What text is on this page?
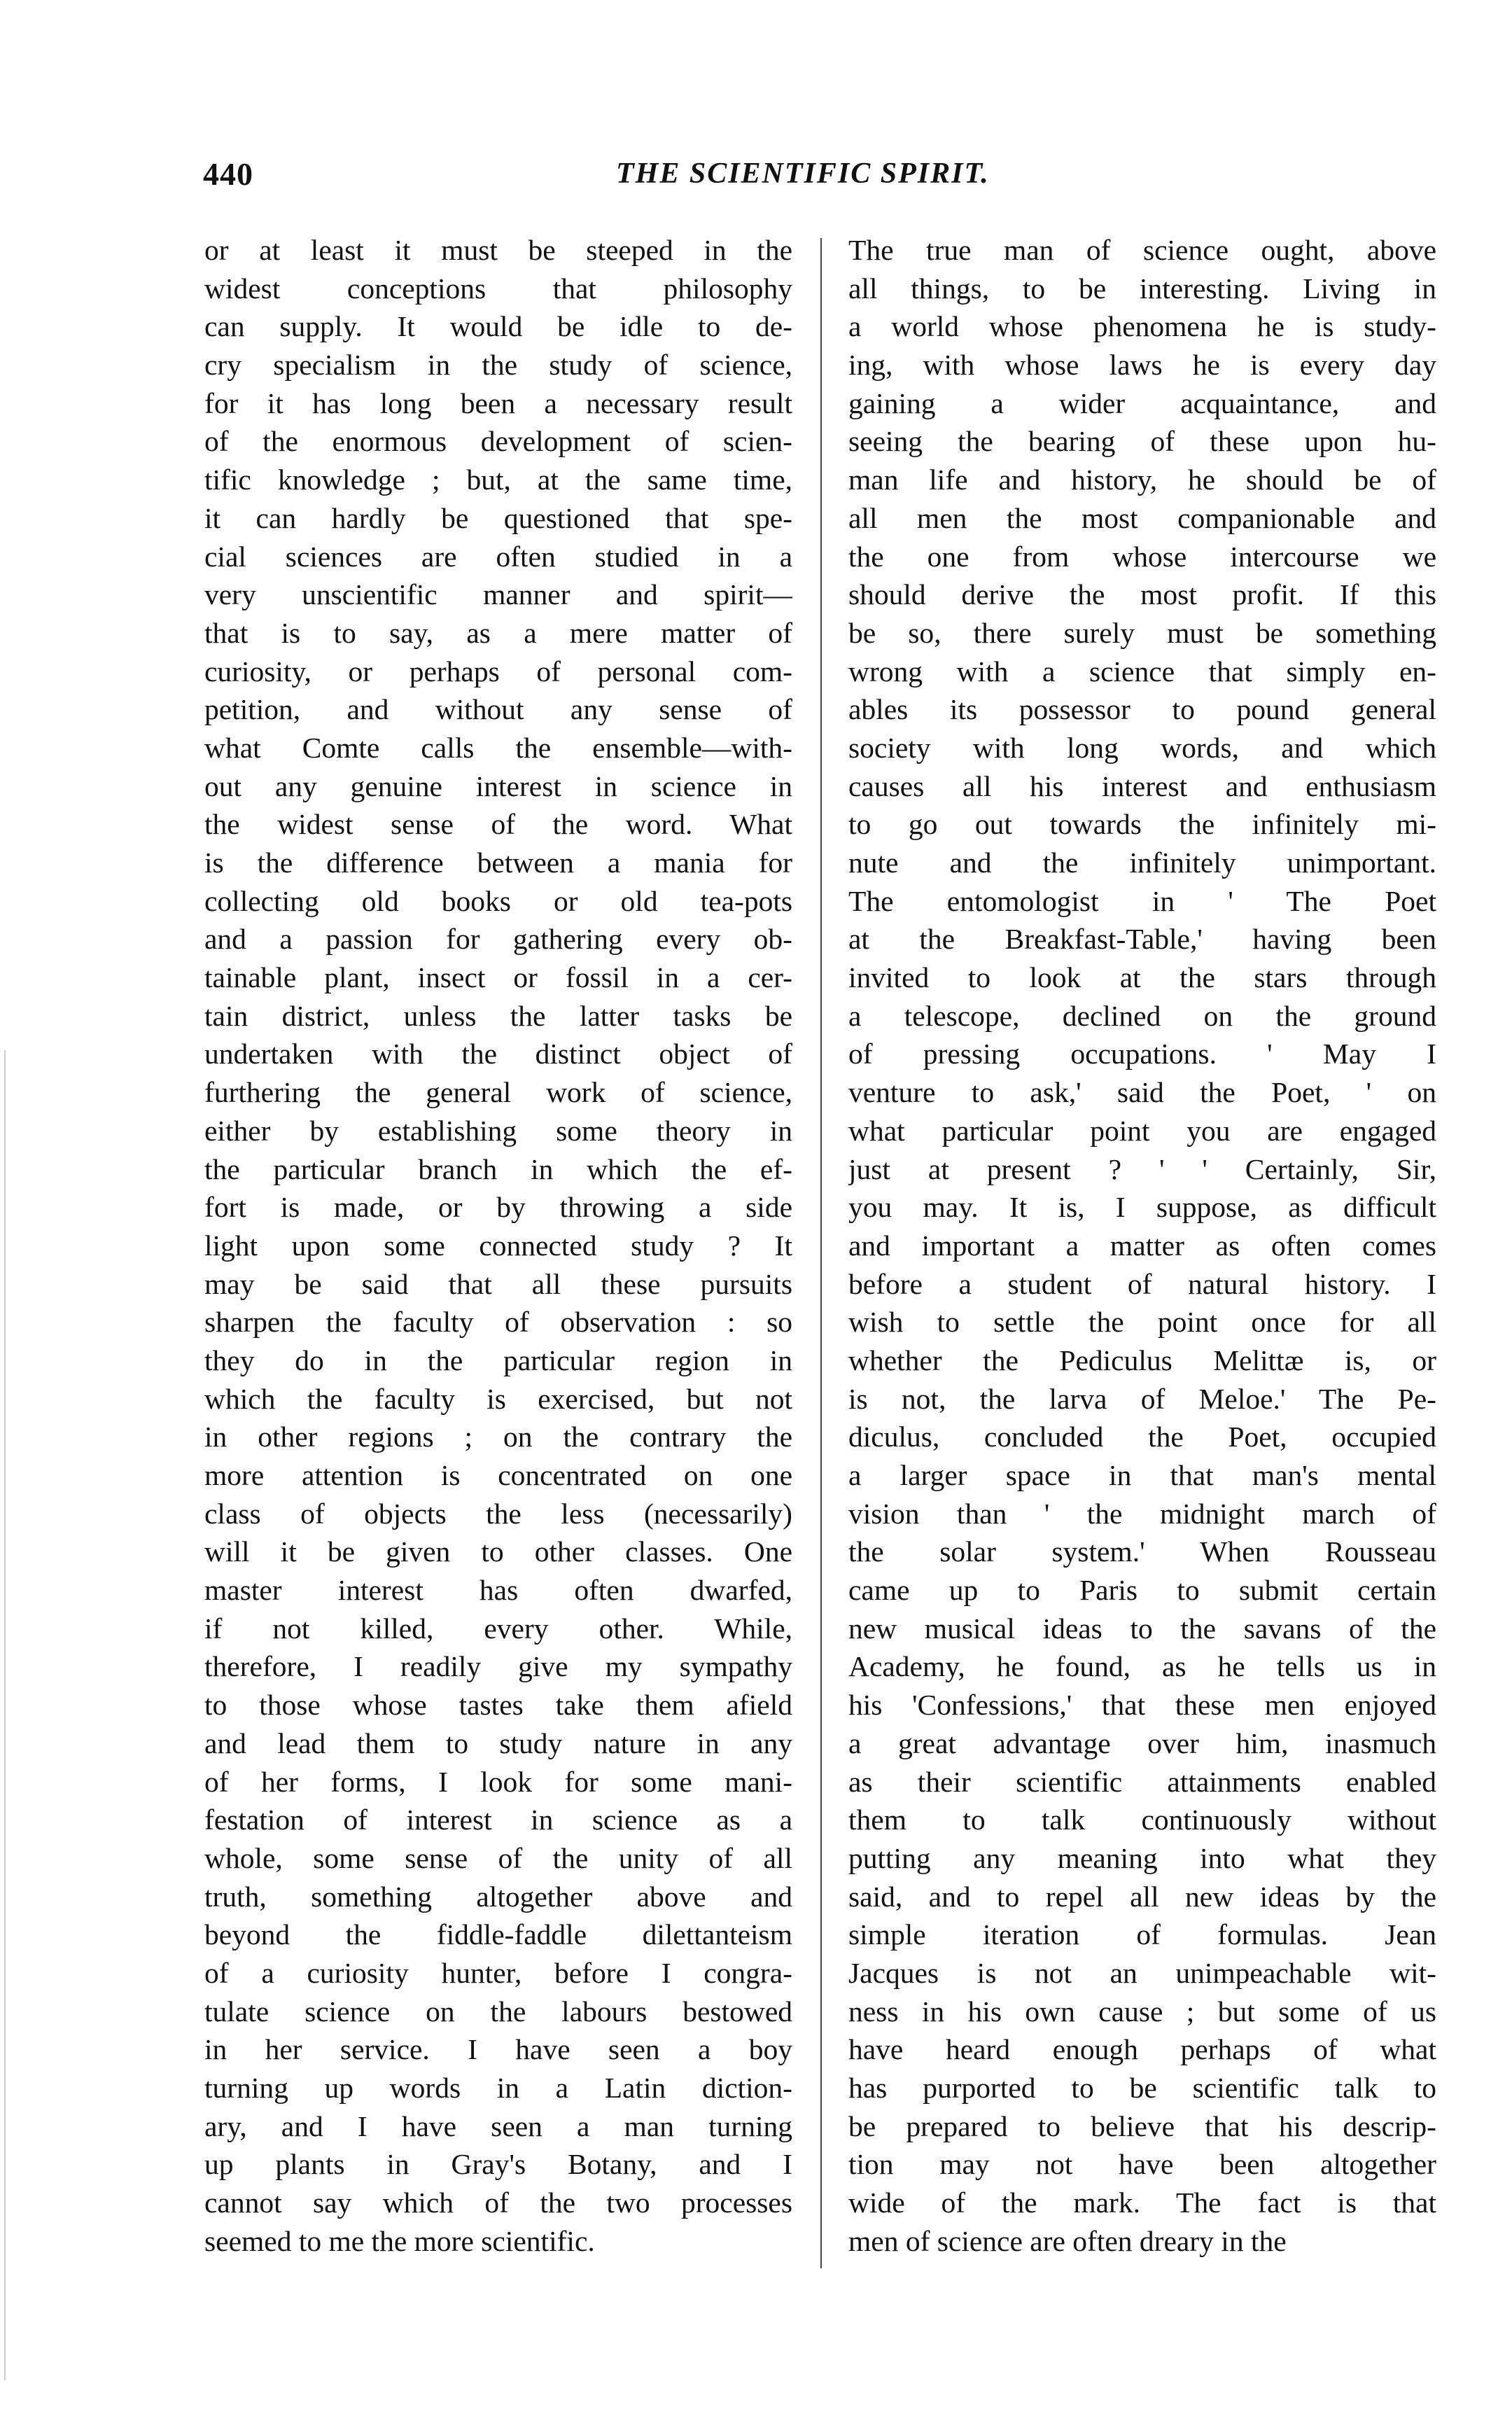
440	THE SCIENTIFIC SPIRIT.
or at least it must be steeped in the
widest conceptions that philosophy
can supply. It would be idle to de-
cry specialism in the study of science,
for it has long been a necessary result
of the enormous development of scien-
tific knowledge ; but, at the same time,
it can hardly be questioned that spe-
cial sciences are often studied in a
very unscientific manner and spirit—
that is to say, as a mere matter of
curiosity, or perhaps of personal com-
petition, and without any sense of
what Comte calls the ensemble—with-
out any genuine interest in science in
the widest sense of the word. What
is the difference between a mania for
collecting old books or old tea-pots
and a passion for gathering every ob-
tainable plant, insect or fossil in a cer-
tain district, unless the latter tasks be
undertaken with the distinct object of
furthering the general work of science,
either by establishing some theory in
the particular branch in which the ef-
fort is made, or by throwing a side
light upon some connected study ? It
may be said that all these pursuits
sharpen the faculty of observation : so
they do in the particular region in
which the faculty is exercised, but not
in other regions ; on the contrary the
more attention is concentrated on one
class of objects the less (necessarily)
will it be given to other classes. One
master interest has often dwarfed,
if not killed, every other. While,
therefore, I readily give my sympathy
to those whose tastes take them afield
and lead them to study nature in any
of her forms, I look for some mani-
festation of interest in science as a
whole, some sense of the unity of all
truth, something altogether above and
beyond the fiddle-faddle dilettanteism
of a curiosity hunter, before I congra-
tulate science on the labours bestowed
in her service. I have seen a boy
turning up words in a Latin diction-
ary, and I have seen a man turning
up plants in Gray's Botany, and I
cannot say which of the two processes
seemed to me the more scientific.
The true man of science ought, above
all things, to be interesting. Living in
a world whose phenomena he is study-
ing, with whose laws he is every day
gaining a wider acquaintance, and
seeing the bearing of these upon hu-
man life and history, he should be of
all men the most companionable and
the one from whose intercourse we
should derive the most profit. If this
be so, there surely must be something
wrong with a science that simply en-
ables its possessor to pound general
society with long words, and which
causes all his interest and enthusiasm
to go out towards the infinitely mi-
nute and the infinitely unimportant.
The entomologist in ' The Poet
at the Breakfast-Table,' having been
invited to look at the stars through
a telescope, declined on the ground
of pressing occupations. ' May I
venture to ask,' said the Poet, ' on
what particular point you are engaged
just at present ? ' ' Certainly, Sir,
you may. It is, I suppose, as difficult
and important a matter as often comes
before a student of natural history. I
wish to settle the point once for all
whether the Pediculus Melittæ is, or
is not, the larva of Meloe.' The Pe-
diculus, concluded the Poet, occupied
a larger space in that man's mental
vision than ' the midnight march of
the solar system.' When Rousseau
came up to Paris to submit certain
new musical ideas to the savans of the
Academy, he found, as he tells us in
his 'Confessions,' that these men enjoyed
a great advantage over him, inasmuch
as their scientific attainments enabled
them to talk continuously without
putting any meaning into what they
said, and to repel all new ideas by the
simple iteration of formulas. Jean
Jacques is not an unimpeachable wit-
ness in his own cause ; but some of us
have heard enough perhaps of what
has purported to be scientific talk to
be prepared to believe that his descrip-
tion may not have been altogether
wide of the mark. The fact is that
men of science are often dreary in the
